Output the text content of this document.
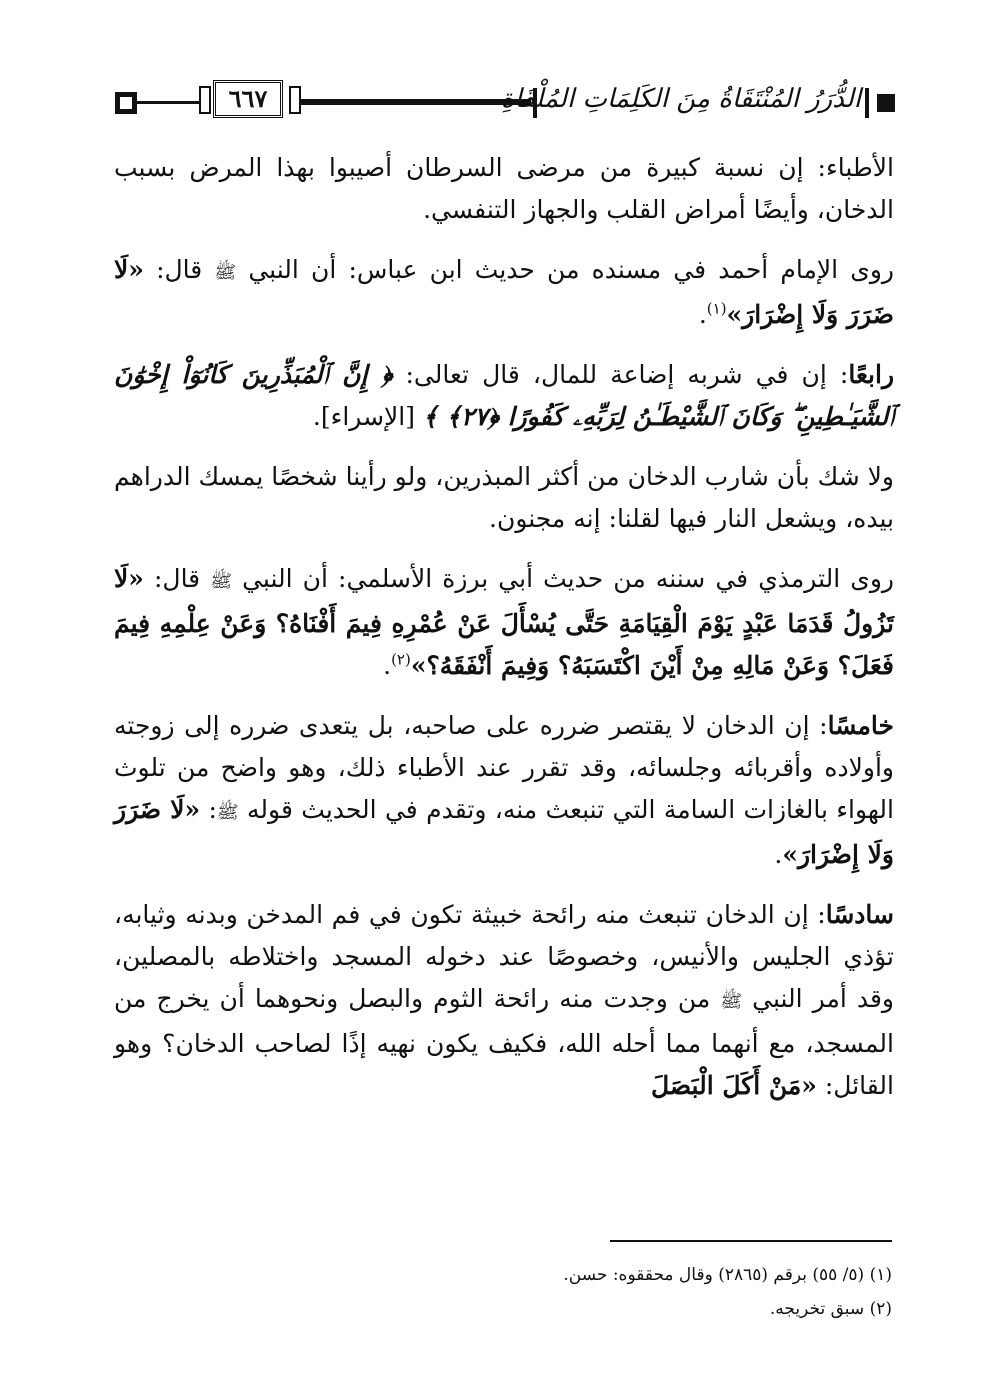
٦٦٧	الدُّرَرُ المُنْتَقَاةُ مِنَ الكَلِمَاتِ المُلْقَاةِ

الأطباء: إن نسبة كبيرة من مرضى السرطان أصيبوا بهذا المرض بسبب الدخان، وأيضًا أمراض القلب والجهاز التنفسي.

روى الإمام أحمد في مسنده من حديث ابن عباس: أن النبي ﷺ قال: «لَا ضَرَرَ وَلَا إِضْرَارَ»$^{(١)}$.

رابعًا: إن في شربه إضاعة للمال، قال تعالى: ﴿ إِنَّ ٱلْمُبَذِّرِينَ كَانُوٓاْ إِخْوَٰنَ ٱلشَّيَـٰطِينِ ۖ وَكَانَ ٱلشَّيْطَـٰنُ لِرَبِّهِۦ كَفُورًا ﴿٢٧﴾ ﴾ [الإسراء].

ولا شك بأن شارب الدخان من أكثر المبذرين، ولو رأينا شخصًا يمسك الدراهم بيده، ويشعل النار فيها لقلنا: إنه مجنون.

روى الترمذي في سننه من حديث أبي برزة الأسلمي: أن النبي ﷺ قال: «لَا تَزُولُ قَدَمَا عَبْدٍ يَوْمَ الْقِيَامَةِ حَتَّى يُسْأَلَ عَنْ عُمْرِهِ فِيمَ أَفْنَاهُ؟ وَعَنْ عِلْمِهِ فِيمَ فَعَلَ؟ وَعَنْ مَالِهِ مِنْ أَيْنَ اكْتَسَبَهُ؟ وَفِيمَ أَنْفَقَهُ؟»$^{(٢)}$.

خامسًا: إن الدخان لا يقتصر ضرره على صاحبه، بل يتعدى ضرره إلى زوجته وأولاده وأقربائه وجلسائه، وقد تقرر عند الأطباء ذلك، وهو واضح من تلوث الهواء بالغازات السامة التي تنبعث منه، وتقدم في الحديث قوله ﷺ: «لَا ضَرَرَ وَلَا إِضْرَارَ».

سادسًا: إن الدخان تنبعث منه رائحة خبيثة تكون في فم المدخن وبدنه وثيابه، تؤذي الجليس والأنيس، وخصوصًا عند دخوله المسجد واختلاطه بالمصلين، وقد أمر النبي ﷺ من وجدت منه رائحة الثوم والبصل ونحوهما أن يخرج من المسجد، مع أنهما مما أحله الله، فكيف يكون نهيه إذًا لصاحب الدخان؟ وهو القائل: «مَنْ أَكَلَ الْبَصَلَ

(١) (٥/ ٥٥) برقم (٢٨٦٥) وقال محققوه: حسن.
(٢) سبق تخريجه.
